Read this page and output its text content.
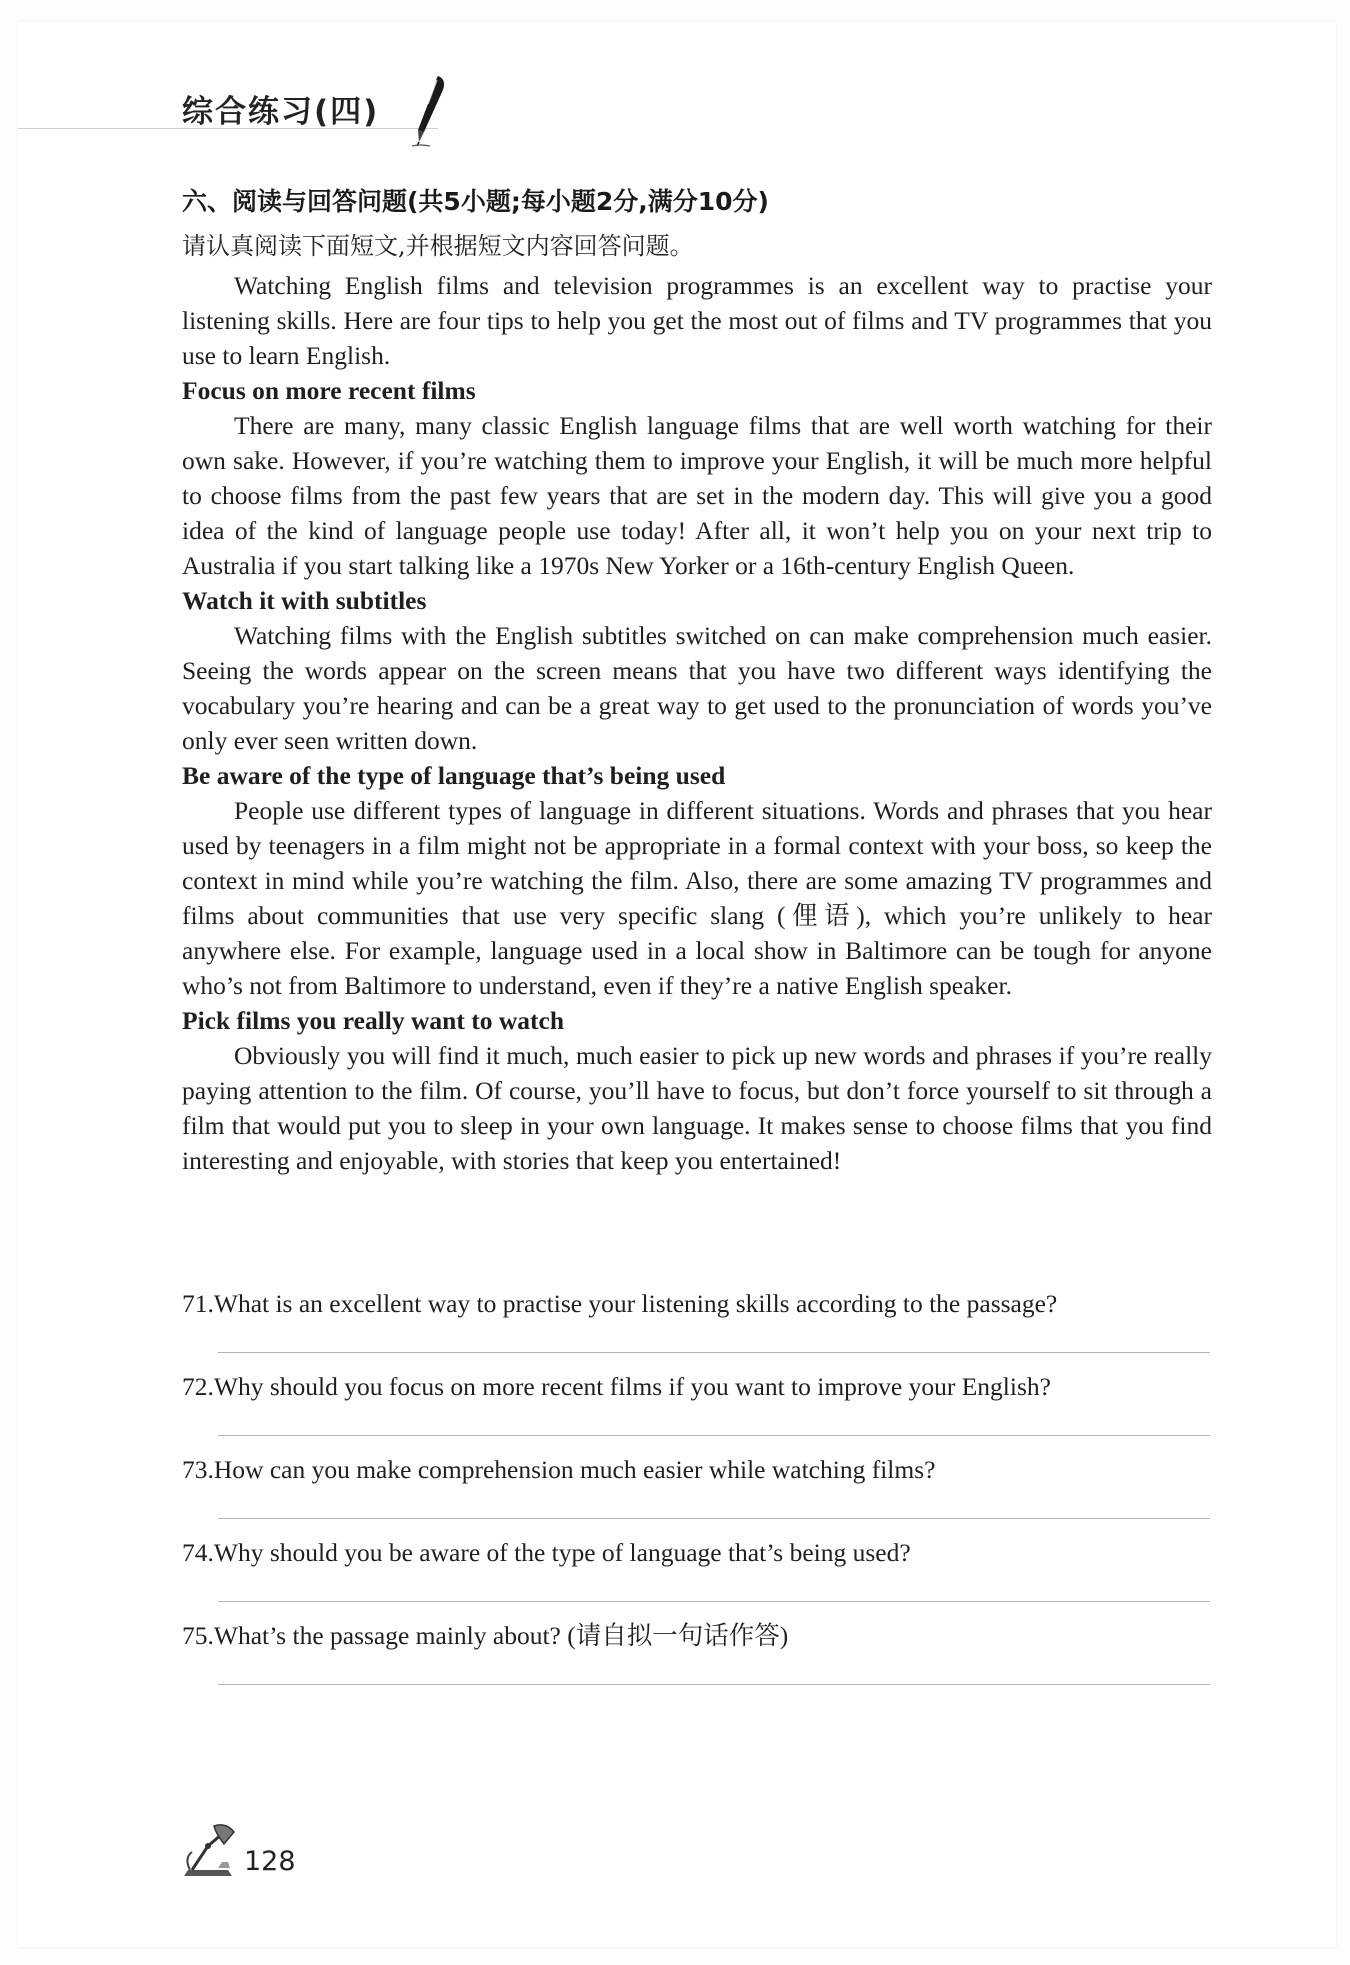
综合练习(四)
六、阅读与回答问题(共5小题;每小题2分,满分10分)
请认真阅读下面短文,并根据短文内容回答问题。

Watching English films and television programmes is an excellent way to practise your listening skills. Here are four tips to help you get the most out of films and TV programmes that you use to learn English.

Focus on more recent films

There are many, many classic English language films that are well worth watching for their own sake. However, if you’re watching them to improve your English, it will be much more helpful to choose films from the past few years that are set in the modern day. This will give you a good idea of the kind of language people use today! After all, it won’t help you on your next trip to Australia if you start talking like a 1970s New Yorker or a 16th-century English Queen.

Watch it with subtitles

Watching films with the English subtitles switched on can make comprehension much easier. Seeing the words appear on the screen means that you have two different ways identifying the vocabulary you’re hearing and can be a great way to get used to the pronunciation of words you’ve only ever seen written down.

Be aware of the type of language that’s being used

People use different types of language in different situations. Words and phrases that you hear used by teenagers in a film might not be appropriate in a formal context with your boss, so keep the context in mind while you’re watching the film. Also, there are some amazing TV programmes and films about communities that use very specific slang (俚语), which you’re unlikely to hear anywhere else. For example, language used in a local show in Baltimore can be tough for anyone who’s not from Baltimore to understand, even if they’re a native English speaker.

Pick films you really want to watch

Obviously you will find it much, much easier to pick up new words and phrases if you’re really paying attention to the film. Of course, you’ll have to focus, but don’t force yourself to sit through a film that would put you to sleep in your own language. It makes sense to choose films that you find interesting and enjoyable, with stories that keep you entertained!

71.What is an excellent way to practise your listening skills according to the passage?
72.Why should you focus on more recent films if you want to improve your English?
73.How can you make comprehension much easier while watching films?
74.Why should you be aware of the type of language that’s being used?
75.What’s the passage mainly about? (请自拟一句话作答)
128
